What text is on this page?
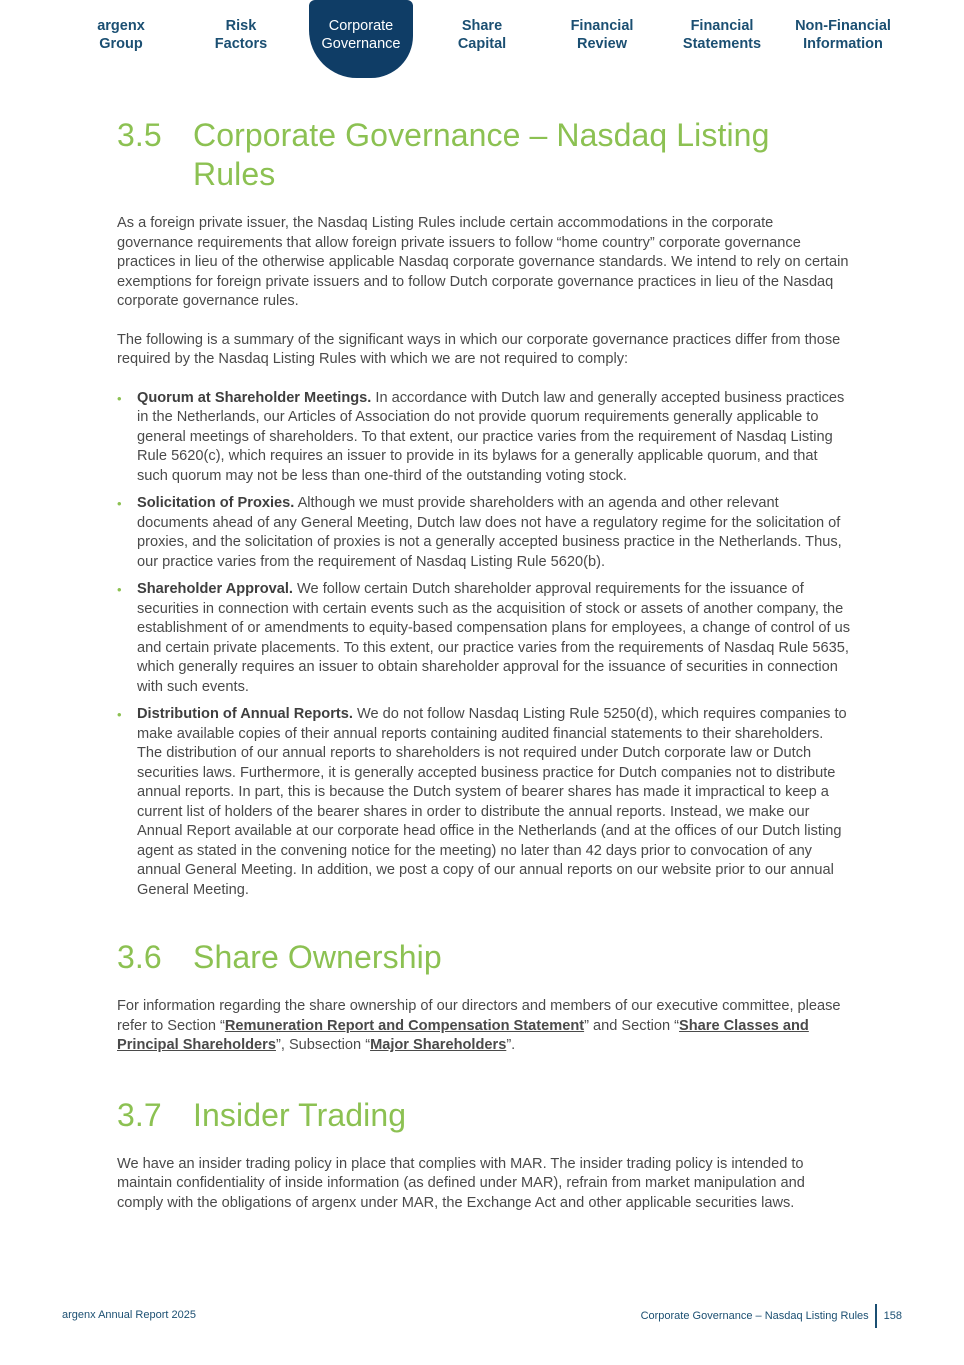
argenx
Group
Risk
Factors
Corporate
Governance
Share
Capital
Financial
Review
Financial
Statements
Non-Financial
Information
3.5 Corporate Governance – Nasdaq Listing Rules

As a foreign private issuer, the Nasdaq Listing Rules include certain accommodations in the corporate governance requirements that allow foreign private issuers to follow “home country” corporate governance practices in lieu of the otherwise applicable Nasdaq corporate governance standards. We intend to rely on certain exemptions for foreign private issuers and to follow Dutch corporate governance practices in lieu of the Nasdaq corporate governance rules.

The following is a summary of the significant ways in which our corporate governance practices differ from those required by the Nasdaq Listing Rules with which we are not required to comply:

• Quorum at Shareholder Meetings. In accordance with Dutch law and generally accepted business practices in the Netherlands, our Articles of Association do not provide quorum requirements generally applicable to general meetings of shareholders. To that extent, our practice varies from the requirement of Nasdaq Listing Rule 5620(c), which requires an issuer to provide in its bylaws for a generally applicable quorum, and that such quorum may not be less than one-third of the outstanding voting stock.
• Solicitation of Proxies. Although we must provide shareholders with an agenda and other relevant documents ahead of any General Meeting, Dutch law does not have a regulatory regime for the solicitation of proxies, and the solicitation of proxies is not a generally accepted business practice in the Netherlands. Thus, our practice varies from the requirement of Nasdaq Listing Rule 5620(b).
• Shareholder Approval. We follow certain Dutch shareholder approval requirements for the issuance of securities in connection with certain events such as the acquisition of stock or assets of another company, the establishment of or amendments to equity-based compensation plans for employees, a change of control of us and certain private placements. To this extent, our practice varies from the requirements of Nasdaq Rule 5635, which generally requires an issuer to obtain shareholder approval for the issuance of securities in connection with such events.
• Distribution of Annual Reports. We do not follow Nasdaq Listing Rule 5250(d), which requires companies to make available copies of their annual reports containing audited financial statements to their shareholders. The distribution of our annual reports to shareholders is not required under Dutch corporate law or Dutch securities laws. Furthermore, it is generally accepted business practice for Dutch companies not to distribute annual reports. In part, this is because the Dutch system of bearer shares has made it impractical to keep a current list of holders of the bearer shares in order to distribute the annual reports. Instead, we make our Annual Report available at our corporate head office in the Netherlands (and at the offices of our Dutch listing agent as stated in the convening notice for the meeting) no later than 42 days prior to convocation of any annual General Meeting. In addition, we post a copy of our annual reports on our website prior to our annual General Meeting.
3.6 Share Ownership

For information regarding the share ownership of our directors and members of our executive committee, please refer to Section “Remuneration Report and Compensation Statement” and Section “Share Classes and Principal Shareholders”, Subsection “Major Shareholders”.

3.7 Insider Trading

We have an insider trading policy in place that complies with MAR. The insider trading policy is intended to maintain confidentiality of inside information (as defined under MAR), refrain from market manipulation and comply with the obligations of argenx under MAR, the Exchange Act and other applicable securities laws.

argenx Annual Report 2025	Corporate Governance – Nasdaq Listing Rules 158
